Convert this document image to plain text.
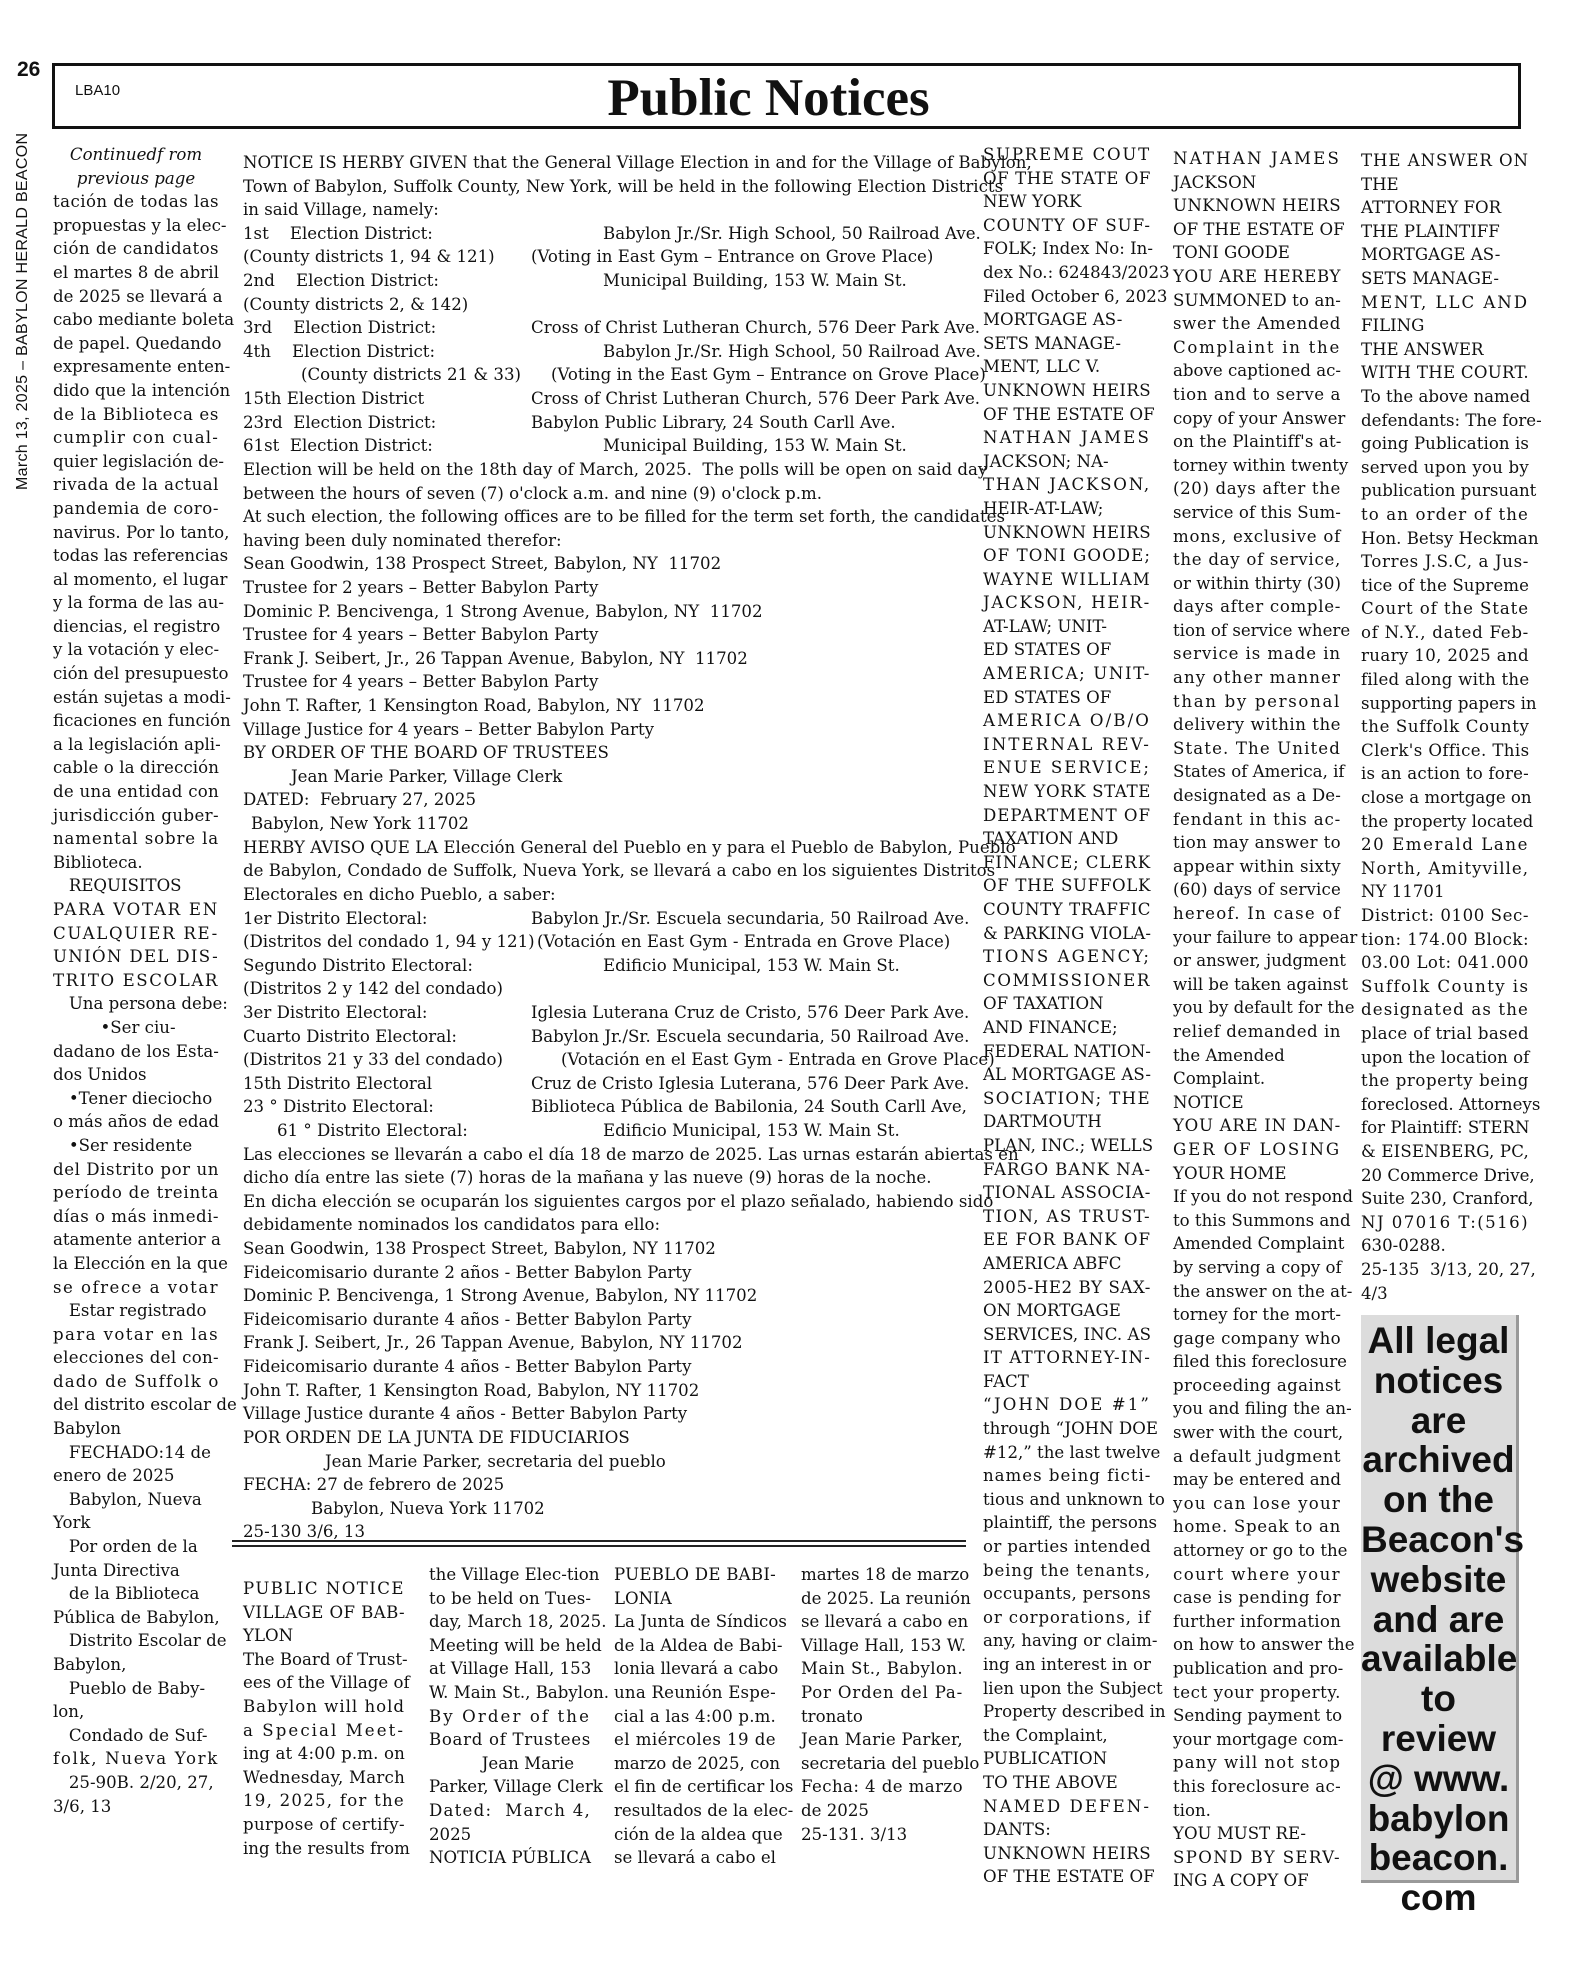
26
March 13, 2025 – BABYLON HERALD BEACON
LBA10	Public Notices
Continuedf rom
previous page
tación de todas las
propuestas y la elec-
ción de candidatos
el martes 8 de abril
de 2025 se llevará a
cabo mediante boleta
de papel. Quedando
expresamente enten-
dido que la intención
de la Biblioteca es
cumplir con cual-
quier legislación de-
rivada de la actual
pandemia de coro-
navirus. Por lo tanto,
todas las referencias
al momento, el lugar
y la forma de las au-
diencias, el registro
y la votación y elec-
ción del presupuesto
están sujetas a modi-
ficaciones en función
a la legislación apli-
cable o la dirección
de una entidad con
jurisdicción guber-
namental sobre la
Biblioteca.
REQUISITOS
PARA VOTAR EN
CUALQUIER RE-
UNIÓN DEL DIS-
TRITO ESCOLAR
Una persona debe:
•Ser ciu-
dadano de los Esta-
dos Unidos
•Tener dieciocho
o más años de edad
•Ser residente
del Distrito por un
período de treinta
días o más inmedi-
atamente anterior a
la Elección en la que
se ofrece a votar
Estar registrado
para votar en las
elecciones del con-
dado de Suffolk o
del distrito escolar de
Babylon
FECHADO:14 de
enero de 2025
Babylon, Nueva
York
Por orden de la
Junta Directiva
de la Biblioteca
Pública de Babylon,
Distrito Escolar de
Babylon,
Pueblo de Baby-
lon,
Condado de Suf-
folk, Nueva York
25-90B. 2/20, 27,
3/6, 13
NOTICE IS HERBY GIVEN that the General Village Election in and for the Village of Babylon,
Town of Babylon, Suffolk County, New York, will be held in the following Election Districts
in said Village, namely:
1st    Election District:	Babylon Jr./Sr. High School, 50 Railroad Ave.
(County districts 1, 94 & 121) (Voting in East Gym – Entrance on Grove Place)
2nd    Election District:	Municipal Building, 153 W. Main St.
(County districts 2, & 142)
3rd    Election District:	Cross of Christ Lutheran Church, 576 Deer Park Ave.
4th    Election District:	Babylon Jr./Sr. High School, 50 Railroad Ave.
(County districts 21 & 33) (Voting in the East Gym – Entrance on Grove Place)
15th Election District	Cross of Christ Lutheran Church, 576 Deer Park Ave.
23rd  Election District:	Babylon Public Library, 24 South Carll Ave.
61st  Election District:	Municipal Building, 153 W. Main St.
Election will be held on the 18th day of March, 2025.  The polls will be open on said day
between the hours of seven (7) o'clock a.m. and nine (9) o'clock p.m.
At such election, the following offices are to be filled for the term set forth, the candidates
having been duly nominated therefor:
Sean Goodwin, 138 Prospect Street, Babylon, NY  11702
Trustee for 2 years – Better Babylon Party
Dominic P. Bencivenga, 1 Strong Avenue, Babylon, NY  11702
Trustee for 4 years – Better Babylon Party
Frank J. Seibert, Jr., 26 Tappan Avenue, Babylon, NY  11702
Trustee for 4 years – Better Babylon Party
John T. Rafter, 1 Kensington Road, Babylon, NY  11702
Village Justice for 4 years – Better Babylon Party
BY ORDER OF THE BOARD OF TRUSTEES
Jean Marie Parker, Village Clerk
DATED:  February 27, 2025
Babylon, New York 11702
HERBY AVISO QUE LA Elección General del Pueblo en y para el Pueblo de Babylon, Pueblo
de Babylon, Condado de Suffolk, Nueva York, se llevará a cabo en los siguientes Distritos
Electorales en dicho Pueblo, a saber:
1er Distrito Electoral:	Babylon Jr./Sr. Escuela secundaria, 50 Railroad Ave.
(Distritos del condado 1, 94 y 121) (Votación en East Gym - Entrada en Grove Place)
Segundo Distrito Electoral:	Edificio Municipal, 153 W. Main St.
(Distritos 2 y 142 del condado)
3er Distrito Electoral:	Iglesia Luterana Cruz de Cristo, 576 Deer Park Ave.
Cuarto Distrito Electoral:	Babylon Jr./Sr. Escuela secundaria, 50 Railroad Ave.
(Distritos 21 y 33 del condado)	(Votación en el East Gym - Entrada en Grove Place)
15th Distrito Electoral	Cruz de Cristo Iglesia Luterana, 576 Deer Park Ave.
23 ° Distrito Electoral:	Biblioteca Pública de Babilonia, 24 South Carll Ave,
61 ° Distrito Electoral:	Edificio Municipal, 153 W. Main St.
Las elecciones se llevarán a cabo el día 18 de marzo de 2025. Las urnas estarán abiertas en
dicho día entre las siete (7) horas de la mañana y las nueve (9) horas de la noche.
En dicha elección se ocuparán los siguientes cargos por el plazo señalado, habiendo sido
debidamente nominados los candidatos para ello:
Sean Goodwin, 138 Prospect Street, Babylon, NY 11702
Fideicomisario durante 2 años - Better Babylon Party
Dominic P. Bencivenga, 1 Strong Avenue, Babylon, NY 11702
Fideicomisario durante 4 años - Better Babylon Party
Frank J. Seibert, Jr., 26 Tappan Avenue, Babylon, NY 11702
Fideicomisario durante 4 años - Better Babylon Party
John T. Rafter, 1 Kensington Road, Babylon, NY 11702
Village Justice durante 4 años - Better Babylon Party
POR ORDEN DE LA JUNTA DE FIDUCIARIOS
Jean Marie Parker, secretaria del pueblo
FECHA: 27 de febrero de 2025
Babylon, Nueva York 11702
25-130 3/6, 13
PUBLIC NOTICE
VILLAGE OF BAB-
YLON
The Board of Trust-
ees of the Village of
Babylon will hold
a Special Meet-
ing at 4:00 p.m. on
Wednesday, March
19, 2025, for the
purpose of certify-
ing the results from
the Village Elec-tion
to be held on Tues-
day, March 18, 2025.
Meeting will be held
at Village Hall, 153
W. Main St., Babylon.
By Order of the
Board of Trustees
Jean Marie
Parker, Village Clerk
Dated:  March 4,
2025
NOTICIA PÚBLICA
PUEBLO DE BABI-
LONIA
La Junta de Síndicos
de la Aldea de Babi-
lonia llevará a cabo
una Reunión Espe-
cial a las 4:00 p.m.
el miércoles 19 de
marzo de 2025, con
el fin de certificar los
resultados de la elec-
ción de la aldea que
se llevará a cabo el
martes 18 de marzo
de 2025. La reunión
se llevará a cabo en
Village Hall, 153 W.
Main St., Babylon.
Por Orden del Pa-
tronato
Jean Marie Parker,
secretaria del pueblo
Fecha: 4 de marzo
de 2025
25-131. 3/13
SUPREME COUT
OF THE STATE OF
NEW YORK
COUNTY OF SUF-
FOLK; Index No: In-
dex No.: 624843/2023
Filed October 6, 2023
MORTGAGE AS-
SETS MANAGE-
MENT, LLC V.
UNKNOWN HEIRS
OF THE ESTATE OF
NATHAN JAMES
JACKSON; NA-
THAN JACKSON,
HEIR-AT-LAW;
UNKNOWN HEIRS
OF TONI GOODE;
WAYNE WILLIAM
JACKSON, HEIR-
AT-LAW; UNIT-
ED STATES OF
AMERICA; UNIT-
ED STATES OF
AMERICA O/B/O
INTERNAL REV-
ENUE SERVICE;
NEW YORK STATE
DEPARTMENT OF
TAXATION AND
FINANCE; CLERK
OF THE SUFFOLK
COUNTY TRAFFIC
& PARKING VIOLA-
TIONS AGENCY;
COMMISSIONER
OF TAXATION
AND FINANCE;
FEDERAL NATION-
AL MORTGAGE AS-
SOCIATION; THE
DARTMOUTH
PLAN, INC.; WELLS
FARGO BANK NA-
TIONAL ASSOCIA-
TION, AS TRUST-
EE FOR BANK OF
AMERICA ABFC
2005-HE2 BY SAX-
ON MORTGAGE
SERVICES, INC. AS
IT ATTORNEY-IN-
FACT
“JOHN DOE #1”
through “JOHN DOE
#12,” the last twelve
names being ficti-
tious and unknown to
plaintiff, the persons
or parties intended
being the tenants,
occupants, persons
or corporations, if
any, having or claim-
ing an interest in or
lien upon the Subject
Property described in
the Complaint,
PUBLICATION
TO THE ABOVE
NAMED DEFEN-
DANTS:
UNKNOWN HEIRS
OF THE ESTATE OF
NATHAN JAMES
JACKSON
UNKNOWN HEIRS
OF THE ESTATE OF
TONI GOODE
YOU ARE HEREBY
SUMMONED to an-
swer the Amended
Complaint in the
above captioned ac-
tion and to serve a
copy of your Answer
on the Plaintiff's at-
torney within twenty
(20) days after the
service of this Sum-
mons, exclusive of
the day of service,
or within thirty (30)
days after comple-
tion of service where
service is made in
any other manner
than by personal
delivery within the
State. The United
States of America, if
designated as a De-
fendant in this ac-
tion may answer to
appear within sixty
(60) days of service
hereof. In case of
your failure to appear
or answer, judgment
will be taken against
you by default for the
relief demanded in
the Amended
Complaint.
NOTICE
YOU ARE IN DAN-
GER OF LOSING
YOUR HOME
If you do not respond
to this Summons and
Amended Complaint
by serving a copy of
the answer on the at-
torney for the mort-
gage company who
filed this foreclosure
proceeding against
you and filing the an-
swer with the court,
a default judgment
may be entered and
you can lose your
home. Speak to an
attorney or go to the
court where your
case is pending for
further information
on how to answer the
publication and pro-
tect your property.
Sending payment to
your mortgage com-
pany will not stop
this foreclosure ac-
tion.
YOU MUST RE-
SPOND BY SERV-
ING A COPY OF
THE ANSWER ON
THE
ATTORNEY FOR
THE PLAINTIFF
MORTGAGE AS-
SETS MANAGE-
MENT, LLC AND
FILING
THE ANSWER
WITH THE COURT.
To the above named
defendants: The fore-
going Publication is
served upon you by
publication pursuant
to an order of the
Hon. Betsy Heckman
Torres J.S.C, a Jus-
tice of the Supreme
Court of the State
of N.Y., dated Feb-
ruary 10, 2025 and
filed along with the
supporting papers in
the Suffolk County
Clerk's Office. This
is an action to fore-
close a mortgage on
the property located
20 Emerald Lane
North, Amityville,
NY 11701
District: 0100 Sec-
tion: 174.00 Block:
03.00 Lot: 041.000
Suffolk County is
designated as the
place of trial based
upon the location of
the property being
foreclosed. Attorneys
for Plaintiff: STERN
& EISENBERG, PC,
20 Commerce Drive,
Suite 230, Cranford,
NJ 07016 T:(516)
630-0288.
25-135  3/13, 20, 27,
4/3
All legal
notices
are
archived
on the
Beacon's
website
and are
available
to review
@ www.
babylon
beacon.
com
